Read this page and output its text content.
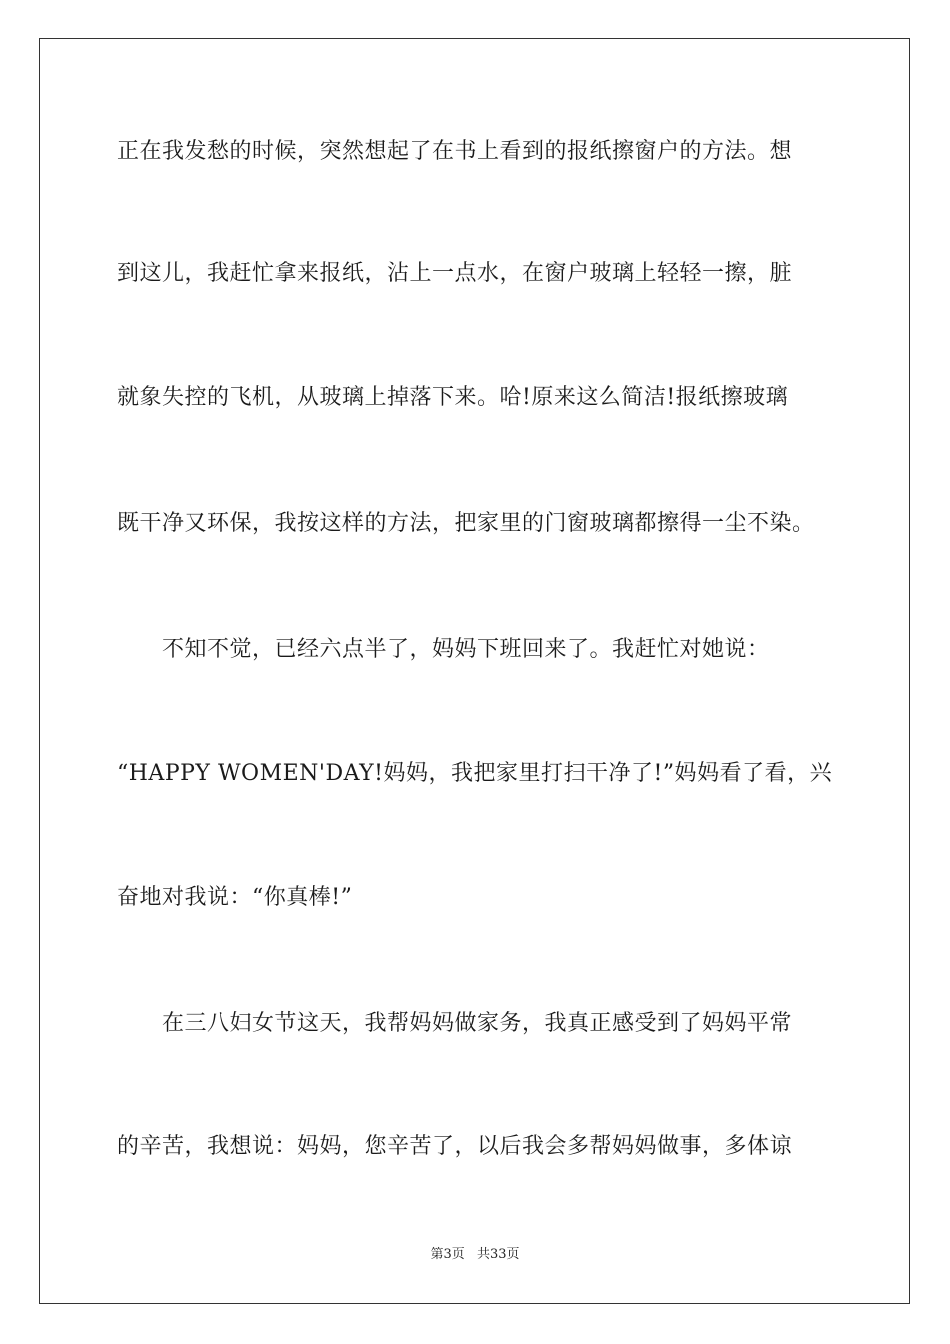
正在我发愁的时候，突然想起了在书上看到的报纸擦窗户的方法。想
到这儿，我赶忙拿来报纸，沾上一点水，在窗户玻璃上轻轻一擦，脏
就象失控的飞机，从玻璃上掉落下来。哈!原来这么简洁!报纸擦玻璃
既干净又环保，我按这样的方法，把家里的门窗玻璃都擦得一尘不染。
　　不知不觉，已经六点半了，妈妈下班回来了。我赶忙对她说：
“HAPPY WOMEN'DAY!妈妈，我把家里打扫干净了!”妈妈看了看，兴
奋地对我说：“你真棒!”
　　在三八妇女节这天，我帮妈妈做家务，我真正感受到了妈妈平常
的辛苦，我想说：妈妈，您辛苦了，以后我会多帮妈妈做事，多体谅
第3页 共33页
